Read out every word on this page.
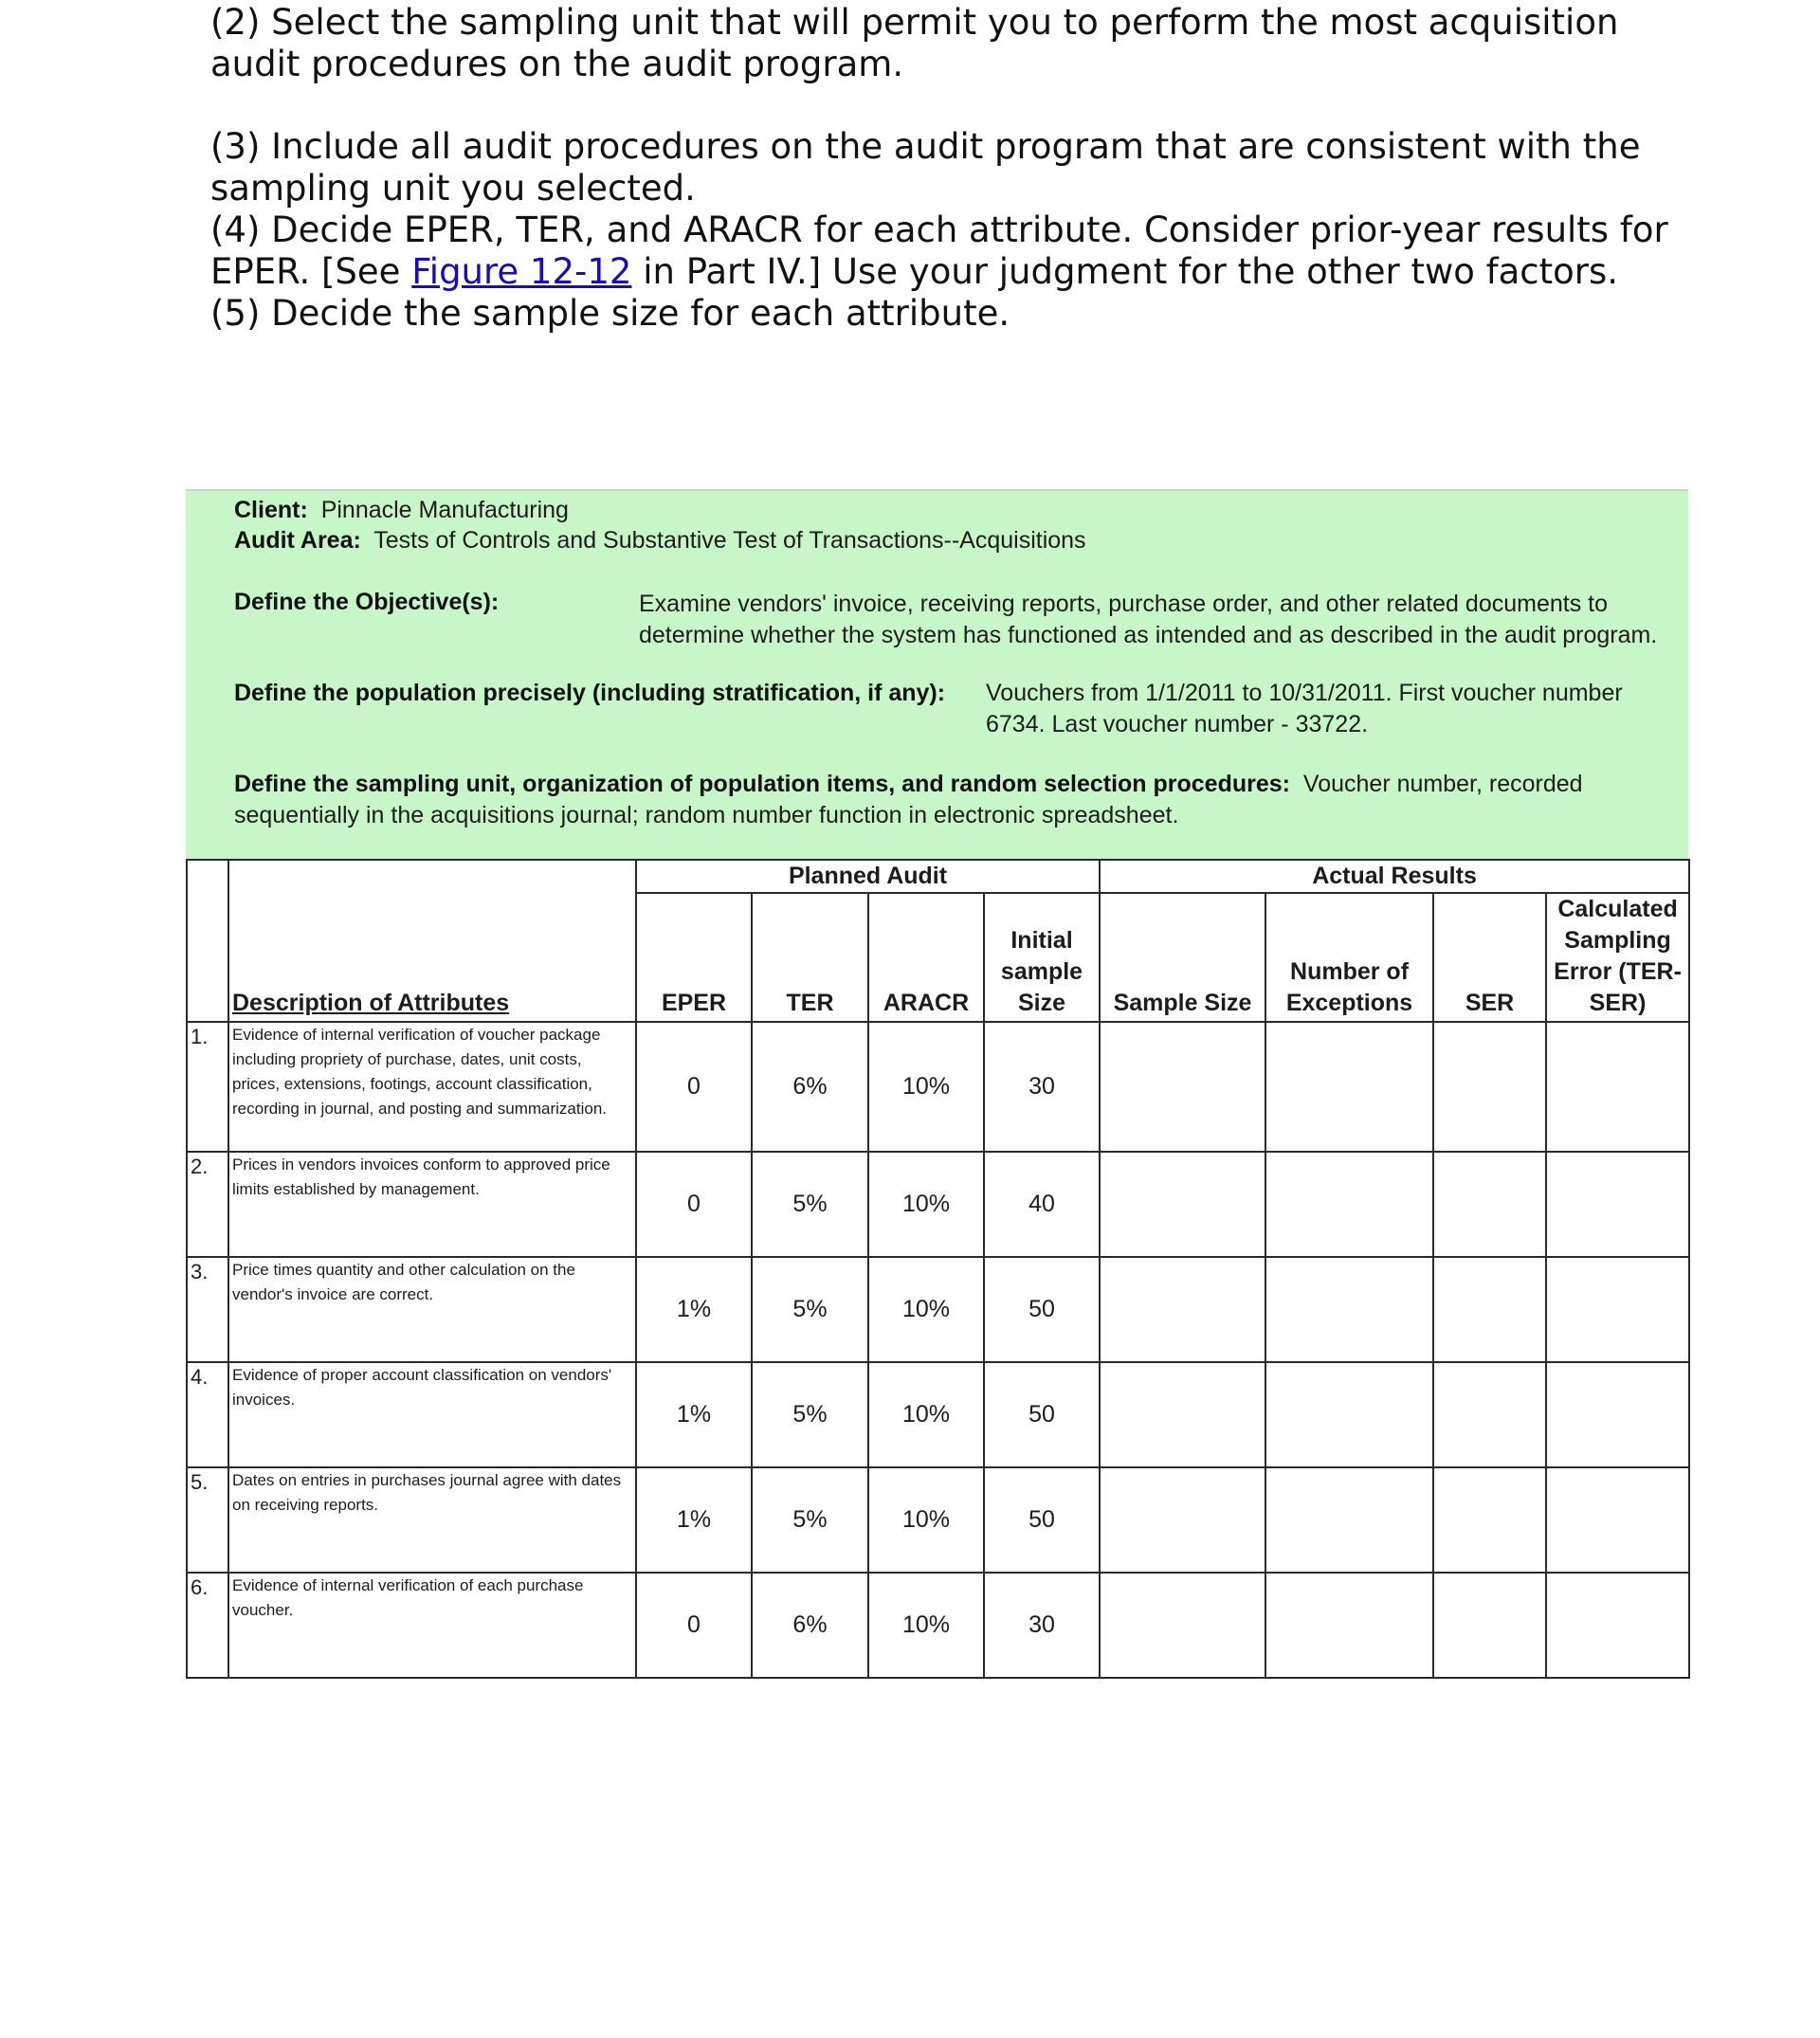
(2) Select the sampling unit that will permit you to perform the most acquisition audit procedures on the audit program.

(3) Include all audit procedures on the audit program that are consistent with the sampling unit you selected.

(4) Decide EPER, TER, and ARACR for each attribute. Consider prior-year results for EPER. [See Figure 12-12 in Part IV.] Use your judgment for the other two factors.

(5) Decide the sample size for each attribute.

Client: Pinnacle Manufacturing
Audit Area: Tests of Controls and Substantive Test of Transactions--Acquisitions
Define the Objective(s):	Examine vendors' invoice, receiving reports, purchase order, and other related documents to determine whether the system has functioned as intended and as described in the audit program.
Define the population precisely (including stratification, if any): Vouchers from 1/1/2011 to 10/31/2011. First voucher number 6734. Last voucher number - 33722.
Define the sampling unit, organization of population items, and random selection procedures: Voucher number, recorded sequentially in the acquisitions journal; random number function in electronic spreadsheet.
	Description of Attributes	Planned Audit				Actual Results			
		EPER	TER	ARACR	Initial sample Size	Sample Size	Number of Exceptions	SER	Calculated Sampling Error (TER-SER)
1.	Evidence of internal verification of voucher package including propriety of purchase, dates, unit costs, prices, extensions, footings, account classification, recording in journal, and posting and summarization.	0	6%	10%	30				
2.	Prices in vendors invoices conform to approved price limits established by management.	0	5%	10%	40				
3.	Price times quantity and other calculation on the vendor's invoice are correct.	1%	5%	10%	50				
4.	Evidence of proper account classification on vendors' invoices.	1%	5%	10%	50				
5.	Dates on entries in purchases journal agree with dates on receiving reports.	1%	5%	10%	50				
6.	Evidence of internal verification of each purchase voucher.	0	6%	10%	30				
